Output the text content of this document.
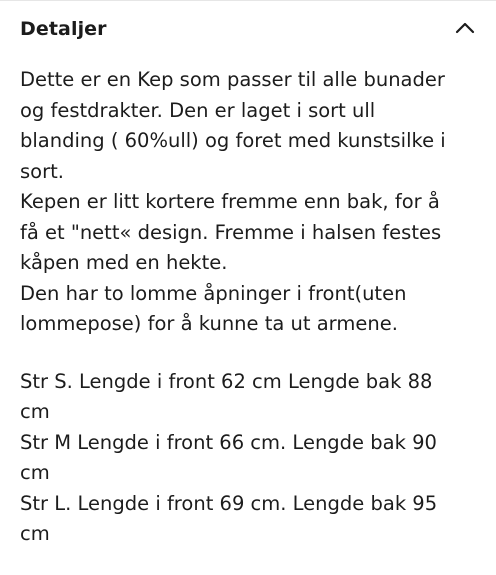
Detaljer

Dette er en Kep som passer til alle bunader

og festdrakter. Den er laget i sort ull

blanding ( 60%ull) og foret med kunstsilke i

sort.

Kepen er litt kortere fremme enn bak, for å

få et "nett« design. Fremme i halsen festes

kåpen med en hekte.

Den har to lomme åpninger i front(uten

lommepose) for å kunne ta ut armene.

Str S. Lengde i front 62 cm Lengde bak 88

cm

Str M Lengde i front 66 cm. Lengde bak 90

cm

Str L. Lengde i front 69 cm. Lengde bak 95

cm
